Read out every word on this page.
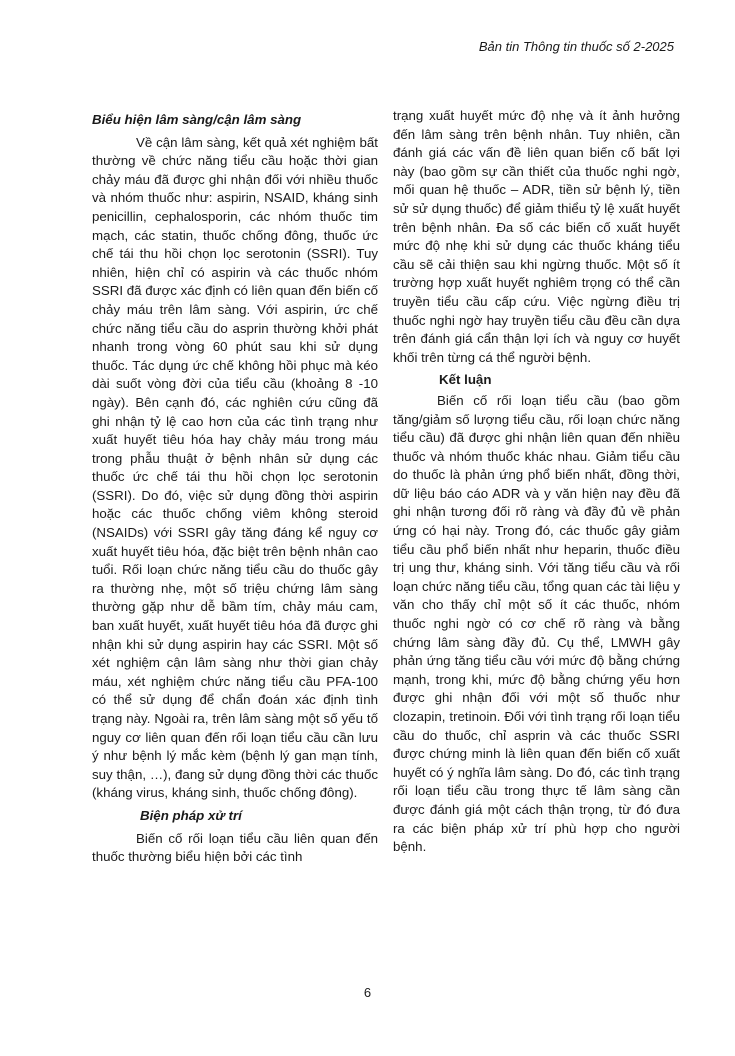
Bản tin Thông tin thuốc số 2-2025
Biểu hiện lâm sàng/cận lâm sàng

Về cận lâm sàng, kết quả xét nghiệm bất thường về chức năng tiểu cầu hoặc thời gian chảy máu đã được ghi nhận đối với nhiều thuốc và nhóm thuốc như: aspirin, NSAID, kháng sinh penicillin, cephalosporin, các nhóm thuốc tim mạch, các statin, thuốc chống đông, thuốc ức chế tái thu hồi chọn lọc serotonin (SSRI). Tuy nhiên, hiện chỉ có aspirin và các thuốc nhóm SSRI đã được xác định có liên quan đến biến cố chảy máu trên lâm sàng. Với aspirin, ức chế chức năng tiểu cầu do asprin thường khởi phát nhanh trong vòng 60 phút sau khi sử dụng thuốc. Tác dụng ức chế không hồi phục mà kéo dài suốt vòng đời của tiểu cầu (khoảng 8 -10 ngày). Bên cạnh đó, các nghiên cứu cũng đã ghi nhận tỷ lệ cao hơn của các tình trạng như xuất huyết tiêu hóa hay chảy máu trong máu trong phẫu thuật ở bệnh nhân sử dụng các thuốc ức chế tái thu hồi chọn lọc serotonin (SSRI). Do đó, việc sử dụng đồng thời aspirin hoặc các thuốc chống viêm không steroid (NSAIDs) với SSRI gây tăng đáng kể nguy cơ xuất huyết tiêu hóa, đặc biệt trên bệnh nhân cao tuổi. Rối loạn chức năng tiểu cầu do thuốc gây ra thường nhẹ, một số triệu chứng lâm sàng thường gặp như dễ bầm tím, chảy máu cam, ban xuất huyết, xuất huyết tiêu hóa đã được ghi nhận khi sử dụng aspirin hay các SSRI. Một số xét nghiệm cận lâm sàng như thời gian chảy máu, xét nghiệm chức năng tiểu cầu PFA-100 có thể sử dụng để chẩn đoán xác định tình trạng này. Ngoài ra, trên lâm sàng một số yếu tố nguy cơ liên quan đến rối loạn tiểu cầu cần lưu ý như bệnh lý mắc kèm (bệnh lý gan mạn tính, suy thận, …), đang sử dụng đồng thời các thuốc (kháng virus, kháng sinh, thuốc chống đông).

Biện pháp xử trí

Biến cố rối loạn tiểu cầu liên quan đến thuốc thường biểu hiện bởi các tình

trạng xuất huyết mức độ nhẹ và ít ảnh hưởng đến lâm sàng trên bệnh nhân. Tuy nhiên, cần đánh giá các vấn đề liên quan biến cố bất lợi này (bao gồm sự cần thiết của thuốc nghi ngờ, mối quan hệ thuốc – ADR, tiền sử bệnh lý, tiền sử sử dụng thuốc) để giảm thiểu tỷ lệ xuất huyết trên bệnh nhân. Đa số các biến cố xuất huyết mức độ nhẹ khi sử dụng các thuốc kháng tiểu cầu sẽ cải thiện sau khi ngừng thuốc. Một số ít trường hợp xuất huyết nghiêm trọng có thể cần truyền tiểu cầu cấp cứu. Việc ngừng điều trị thuốc nghi ngờ hay truyền tiểu cầu đều cần dựa trên đánh giá cẩn thận lợi ích và nguy cơ huyết khối trên từng cá thể người bệnh.

Kết luận

Biến cố rối loạn tiểu cầu (bao gồm tăng/giảm số lượng tiểu cầu, rối loạn chức năng tiểu cầu) đã được ghi nhận liên quan đến nhiều thuốc và nhóm thuốc khác nhau. Giảm tiểu cầu do thuốc là phản ứng phổ biến nhất, đồng thời, dữ liệu báo cáo ADR và y văn hiện nay đều đã ghi nhận tương đối rõ ràng và đầy đủ về phản ứng có hại này. Trong đó, các thuốc gây giảm tiểu cầu phổ biến nhất như heparin, thuốc điều trị ung thư, kháng sinh. Với tăng tiểu cầu và rối loạn chức năng tiểu cầu, tổng quan các tài liệu y văn cho thấy chỉ một số ít các thuốc, nhóm thuốc nghi ngờ có cơ chế rõ ràng và bằng chứng lâm sàng đầy đủ. Cụ thể, LMWH gây phản ứng tăng tiểu cầu với mức độ bằng chứng mạnh, trong khi, mức độ bằng chứng yếu hơn được ghi nhận đối với một số thuốc như clozapin, tretinoin. Đối với tình trạng rối loạn tiểu cầu do thuốc, chỉ asprin và các thuốc SSRI được chứng minh là liên quan đến biến cố xuất huyết có ý nghĩa lâm sàng. Do đó, các tình trạng rối loạn tiểu cầu trong thực tế lâm sàng cần được đánh giá một cách thận trọng, từ đó đưa ra các biện pháp xử trí phù hợp cho người bệnh.

6
